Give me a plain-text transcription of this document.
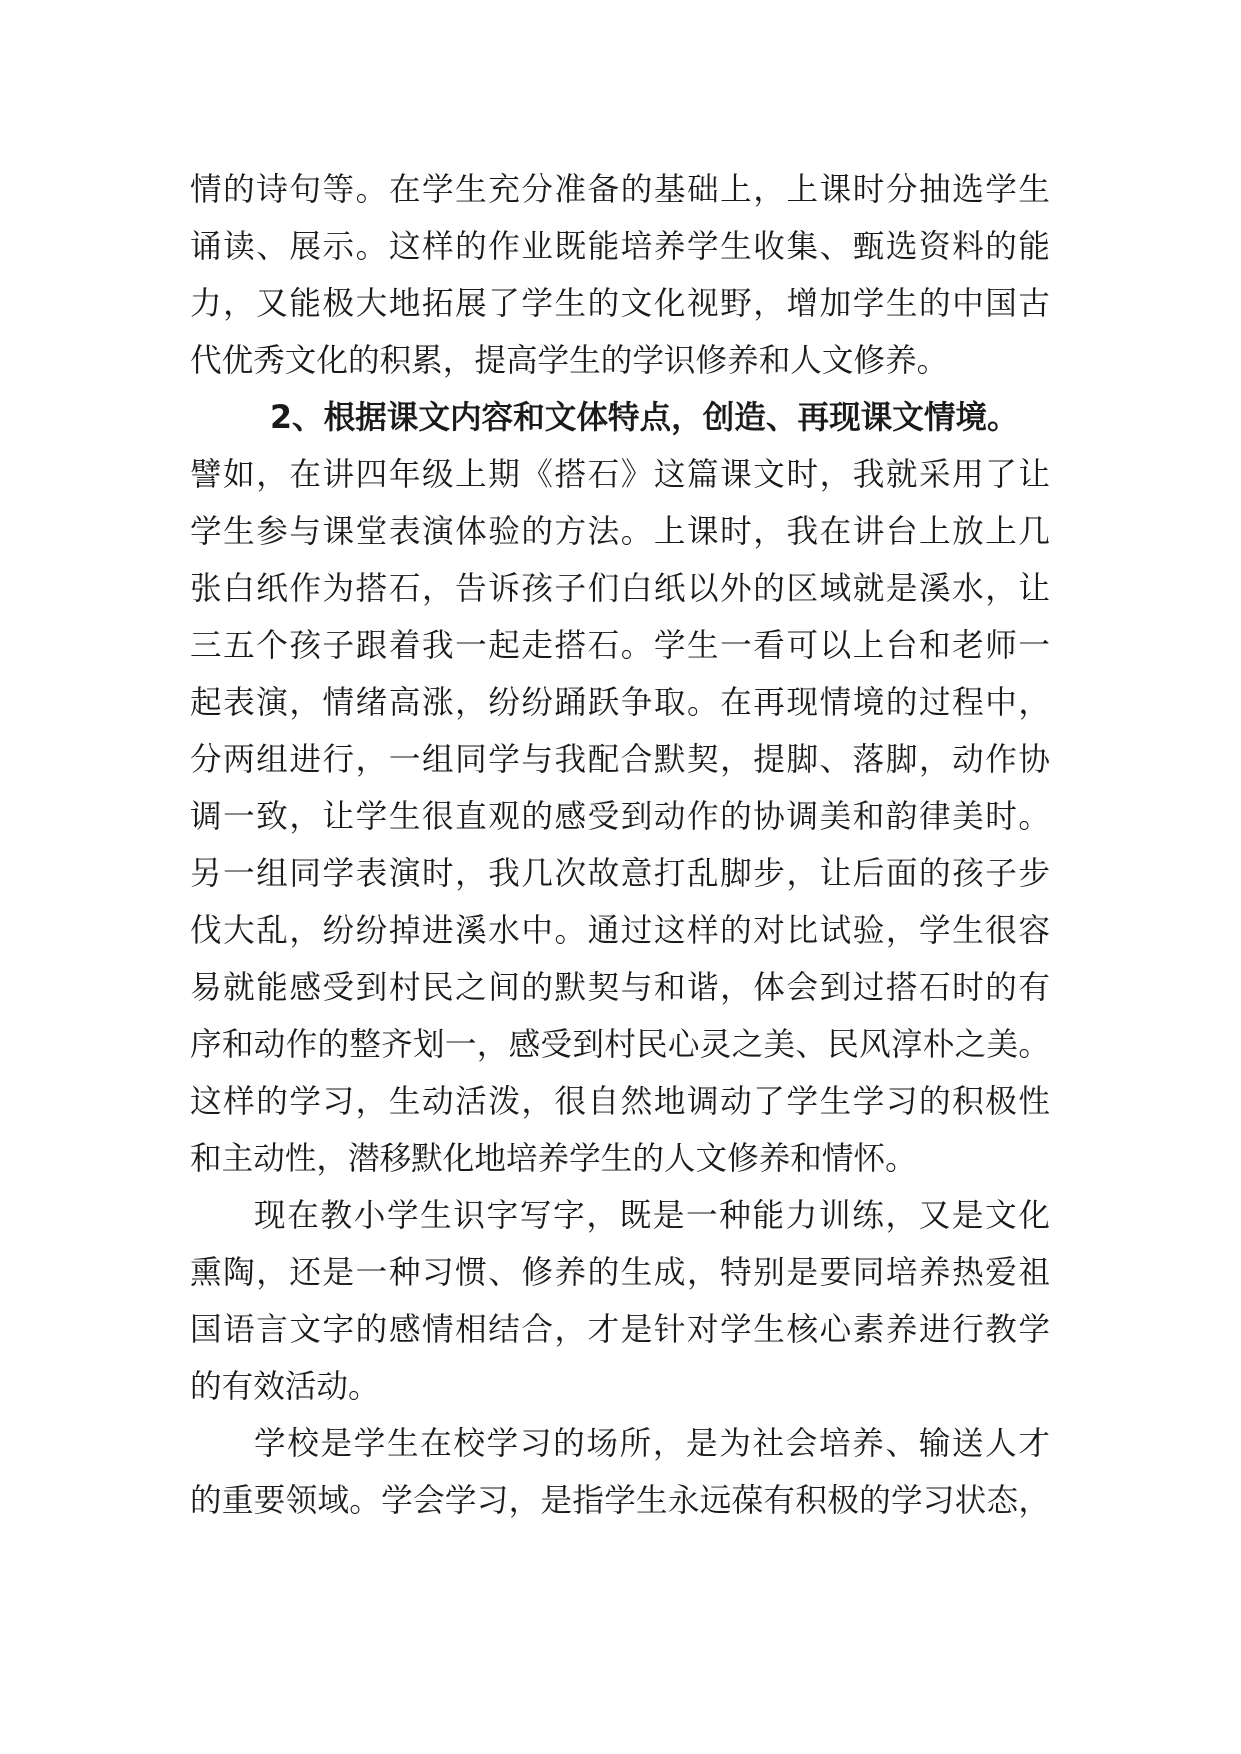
情的诗句等。在学生充分准备的基础上，上课时分抽选学生
诵读、展示。这样的作业既能培养学生收集、甄选资料的能
力，又能极大地拓展了学生的文化视野，增加学生的中国古
代优秀文化的积累，提高学生的学识修养和人文修养。
2、根据课文内容和文体特点，创造、再现课文情境。
譬如，在讲四年级上期《搭石》这篇课文时，我就采用了让
学生参与课堂表演体验的方法。上课时，我在讲台上放上几
张白纸作为搭石，告诉孩子们白纸以外的区域就是溪水，让
三五个孩子跟着我一起走搭石。学生一看可以上台和老师一
起表演，情绪高涨，纷纷踊跃争取。在再现情境的过程中，
分两组进行，一组同学与我配合默契，提脚、落脚，动作协
调一致，让学生很直观的感受到动作的协调美和韵律美时。
另一组同学表演时，我几次故意打乱脚步，让后面的孩子步
伐大乱，纷纷掉进溪水中。通过这样的对比试验，学生很容
易就能感受到村民之间的默契与和谐，体会到过搭石时的有
序和动作的整齐划一，感受到村民心灵之美、民风淳朴之美。
这样的学习，生动活泼，很自然地调动了学生学习的积极性
和主动性，潜移默化地培养学生的人文修养和情怀。
现在教小学生识字写字，既是一种能力训练，又是文化
熏陶，还是一种习惯、修养的生成，特别是要同培养热爱祖
国语言文字的感情相结合，才是针对学生核心素养进行教学
的有效活动。
学校是学生在校学习的场所，是为社会培养、输送人才
的重要领域。学会学习，是指学生永远葆有积极的学习状态，
